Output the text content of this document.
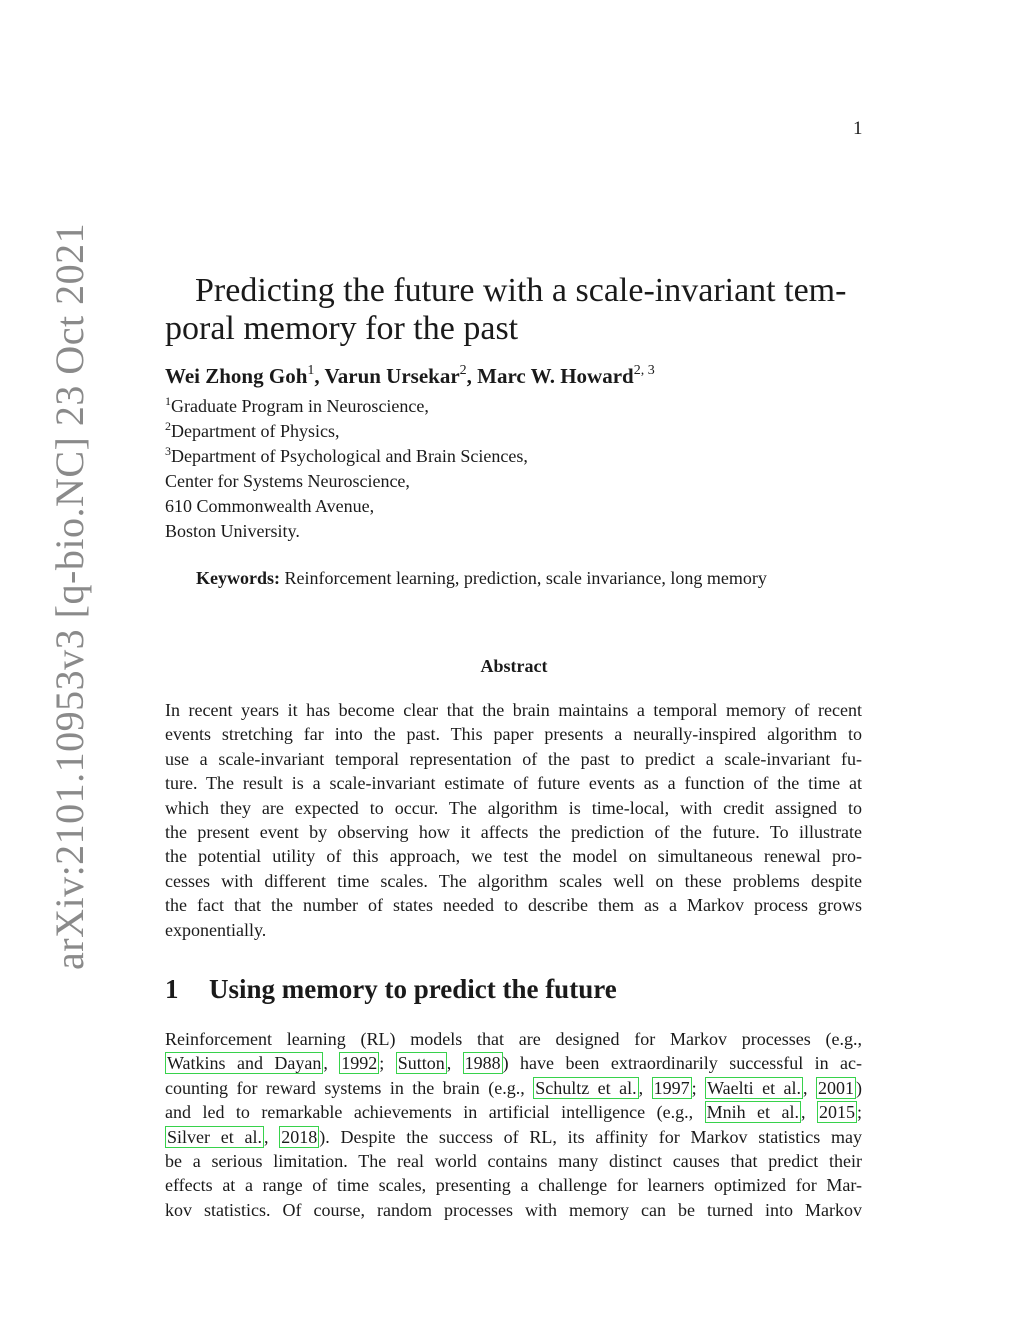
1
arXiv:2101.10953v3 [q-bio.NC] 23 Oct 2021	Predicting the future with a scale-invariant tem-
poral memory for the past
Wei Zhong Goh$^1$, Varun Ursekar$^2$, Marc W. Howard$^{2, 3}$
$^1$Graduate Program in Neuroscience,
$^2$Department of Physics,
$^3$Department of Psychological and Brain Sciences,
Center for Systems Neuroscience,
610 Commonwealth Avenue,
Boston University.
Keywords: Reinforcement learning, prediction, scale invariance, long memory
Abstract
In recent years it has become clear that the brain maintains a temporal memory of recent
events stretching far into the past. This paper presents a neurally-inspired algorithm to
use a scale-invariant temporal representation of the past to predict a scale-invariant fu-
ture. The result is a scale-invariant estimate of future events as a function of the time at
which they are expected to occur. The algorithm is time-local, with credit assigned to
the present event by observing how it affects the prediction of the future. To illustrate
the potential utility of this approach, we test the model on simultaneous renewal pro-
cesses with different time scales. The algorithm scales well on these problems despite
the fact that the number of states needed to describe them as a Markov process grows
exponentially.
1 Using memory to predict the future
Reinforcement learning (RL) models that are designed for Markov processes (e.g.,
Watkins and Dayan , 1992 ; Sutton , 1988 ) have been extraordinarily successful in ac-
counting for reward systems in the brain (e.g., Schultz et al. , 1997 ; Waelti et al. , 2001 )
and led to remarkable achievements in artificial intelligence (e.g., Mnih et al. , 2015 ;
Silver et al. , 2018 ). Despite the success of RL, its affinity for Markov statistics may
be a serious limitation. The real world contains many distinct causes that predict their
effects at a range of time scales, presenting a challenge for learners optimized for Mar-
kov statistics. Of course, random processes with memory can be turned into Markov
